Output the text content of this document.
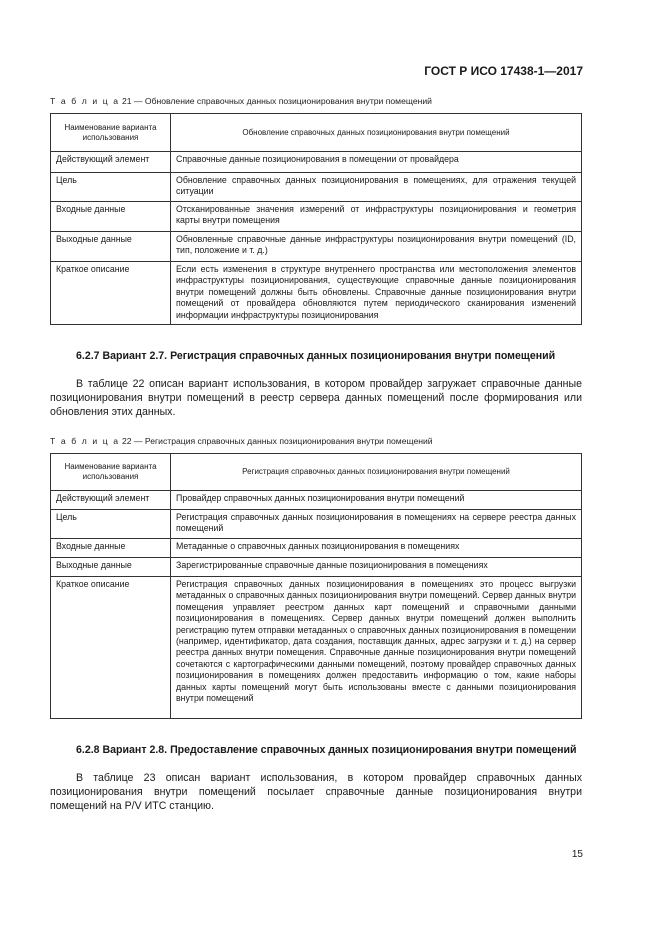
ГОСТ Р ИСО 17438-1—2017
Т а б л и ц а 21 — Обновление справочных данных позиционирования внутри помещений
Наименование варианта использования	Обновление справочных данных позиционирования внутри помещений
Действующий элемент	Справочные данные позиционирования в помещении от провайдера
Цель	Обновление справочных данных позиционирования в помещениях, для отражения текущей ситуации
Входные данные	Отсканированные значения измерений от инфраструктуры позиционирования и геометрия карты внутри помещения
Выходные данные	Обновленные справочные данные инфраструктуры позиционирования внутри помещений (ID, тип, положение и т. д.)
Краткое описание	Если есть изменения в структуре внутреннего пространства или местоположения элементов инфраструктуры позиционирования, существующие справочные данные позиционирования внутри помещений должны быть обновлены. Справочные данные позиционирования внутри помещений от провайдера обновляются путем периодического сканирования изменений информации инфраструктуры позиционирования
6.2.7 Вариант 2.7. Регистрация справочных данных позиционирования внутри помещений
В таблице 22 описан вариант использования, в котором провайдер загружает справочные данные позиционирования внутри помещений в реестр сервера данных помещений после формирования или обновления этих данных.
Т а б л и ц а 22 — Регистрация справочных данных позиционирования внутри помещений
Наименование варианта использования	Регистрация справочных данных позиционирования внутри помещений
Действующий элемент	Провайдер справочных данных позиционирования внутри помещений
Цель	Регистрация справочных данных позиционирования в помещениях на сервере реестра данных помещений
Входные данные	Метаданные о справочных данных позиционирования в помещениях
Выходные данные	Зарегистрированные справочные данные позиционирования в помещениях
Краткое описание	Регистрация справочных данных позиционирования в помещениях это процесс выгрузки метаданных о справочных данных позиционирования внутри помещений. Сервер данных внутри помещения управляет реестром данных карт помещений и справочными данными позиционирования в помещениях. Сервер данных внутри помещений должен выполнить регистрацию путем отправки метаданных о справочных данных позиционирования в помещении (например, идентификатор, дата создания, поставщик данных, адрес загрузки и т. д.) на сервер реестра данных внутри помещения. Справочные данные позиционирования внутри помещений сочетаются с картографическими данными помещений, поэтому провайдер справочных данных позиционирования в помещениях должен предоставить информацию о том, какие наборы данных карты помещений могут быть использованы вместе с данными позиционирования внутри помещений
6.2.8 Вариант 2.8. Предоставление справочных данных позиционирования внутри помещений
В таблице 23 описан вариант использования, в котором провайдер справочных данных позиционирования внутри помещений посылает справочные данные позиционирования внутри помещений на P/V ИТС станцию.
15
